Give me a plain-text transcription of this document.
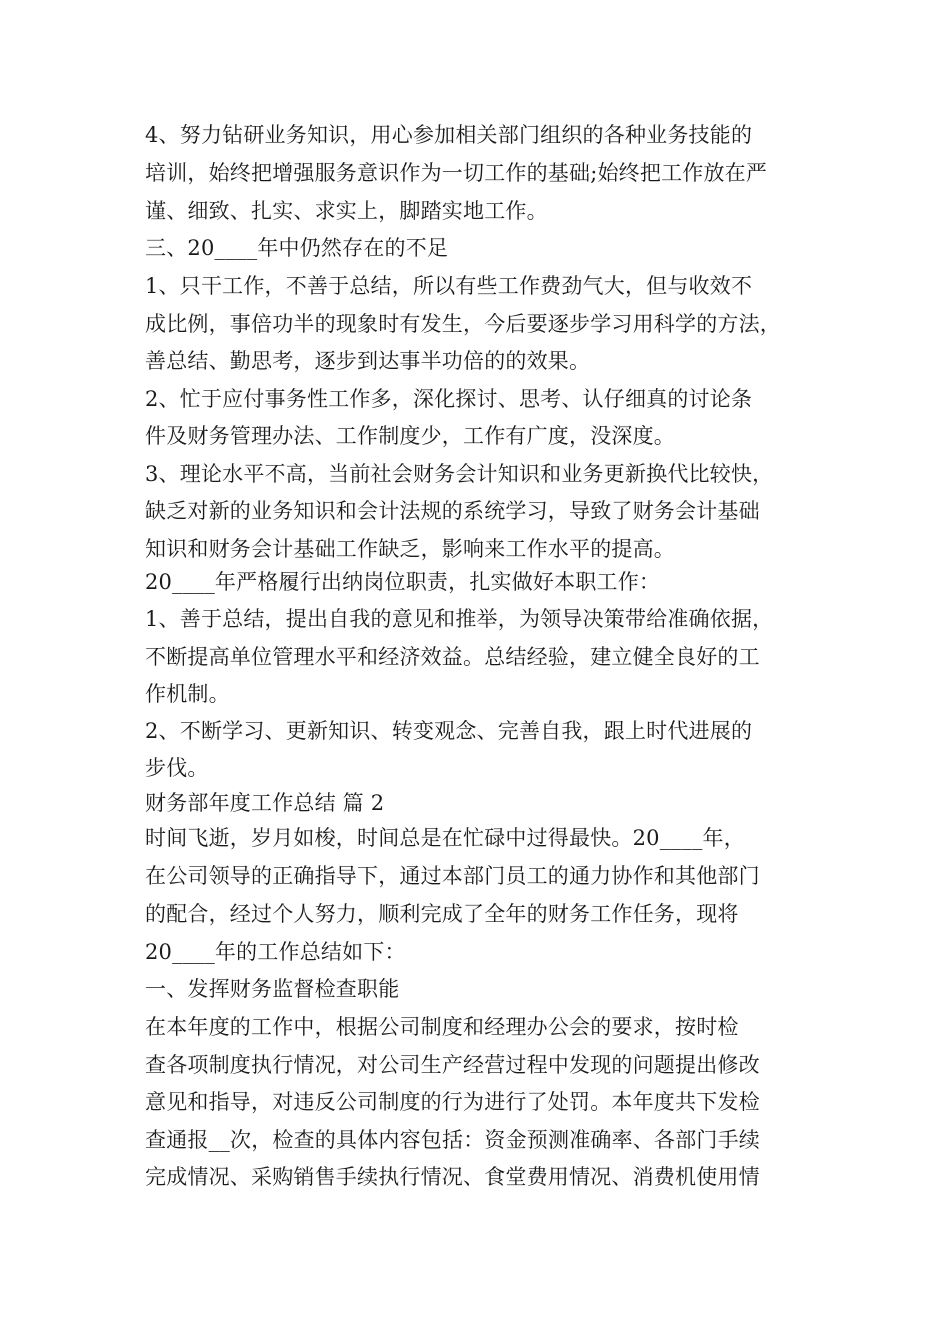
4、努力钻研业务知识，用心参加相关部门组织的各种业务技能的
培训，始终把增强服务意识作为一切工作的基础;始终把工作放在严
谨、细致、扎实、求实上，脚踏实地工作。
三、20____年中仍然存在的不足
1、只干工作，不善于总结，所以有些工作费劲气大，但与收效不
成比例，事倍功半的现象时有发生，今后要逐步学习用科学的方法，
善总结、勤思考，逐步到达事半功倍的的效果。
2、忙于应付事务性工作多，深化探讨、思考、认仔细真的讨论条
件及财务管理办法、工作制度少，工作有广度，没深度。
3、理论水平不高，当前社会财务会计知识和业务更新换代比较快，
缺乏对新的业务知识和会计法规的系统学习，导致了财务会计基础
知识和财务会计基础工作缺乏，影响来工作水平的提高。
20____年严格履行出纳岗位职责，扎实做好本职工作：
1、善于总结，提出自我的意见和推举，为领导决策带给准确依据，
不断提高单位管理水平和经济效益。总结经验，建立健全良好的工
作机制。
2、不断学习、更新知识、转变观念、完善自我，跟上时代进展的
步伐。
财务部年度工作总结 篇 2
时间飞逝，岁月如梭，时间总是在忙碌中过得最快。20____年，
在公司领导的正确指导下，通过本部门员工的通力协作和其他部门
的配合，经过个人努力，顺利完成了全年的财务工作任务，现将
20____年的工作总结如下：
一、发挥财务监督检查职能
在本年度的工作中，根据公司制度和经理办公会的要求，按时检
查各项制度执行情况，对公司生产经营过程中发现的问题提出修改
意见和指导，对违反公司制度的行为进行了处罚。本年度共下发检
查通报__次，检查的具体内容包括：资金预测准确率、各部门手续
完成情况、采购销售手续执行情况、食堂费用情况、消费机使用情
